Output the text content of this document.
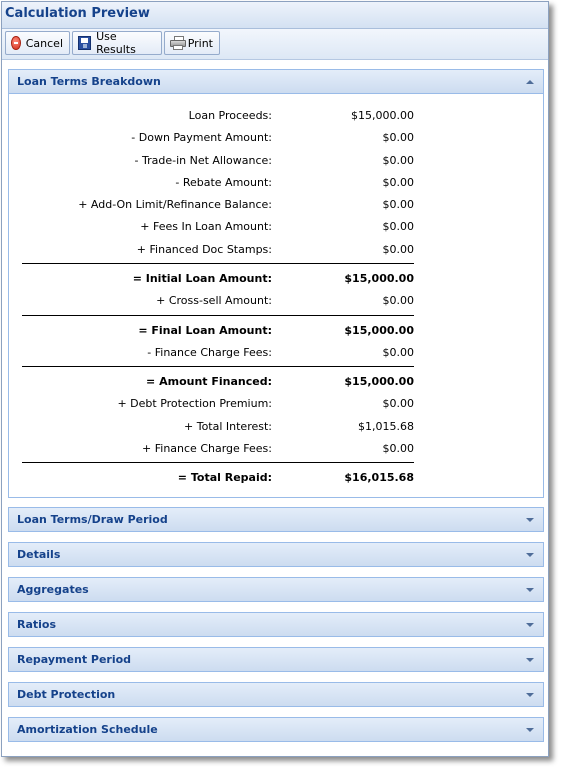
Calculation Preview
Cancel	Use Results	Print
Loan Terms Breakdown
Loan Proceeds:	$15,000.00
- Down Payment Amount:	$0.00
- Trade-in Net Allowance:	$0.00
- Rebate Amount:	$0.00
+ Add-On Limit/Refinance Balance:	$0.00
+ Fees In Loan Amount:	$0.00
+ Financed Doc Stamps:	$0.00
= Initial Loan Amount:	$15,000.00
+ Cross-sell Amount:	$0.00
= Final Loan Amount:	$15,000.00
- Finance Charge Fees:	$0.00
= Amount Financed:	$15,000.00
+ Debt Protection Premium:	$0.00
+ Total Interest:	$1,015.68
+ Finance Charge Fees:	$0.00
= Total Repaid:	$16,015.68
Loan Terms/Draw Period
Details
Aggregates
Ratios
Repayment Period
Debt Protection
Amortization Schedule
